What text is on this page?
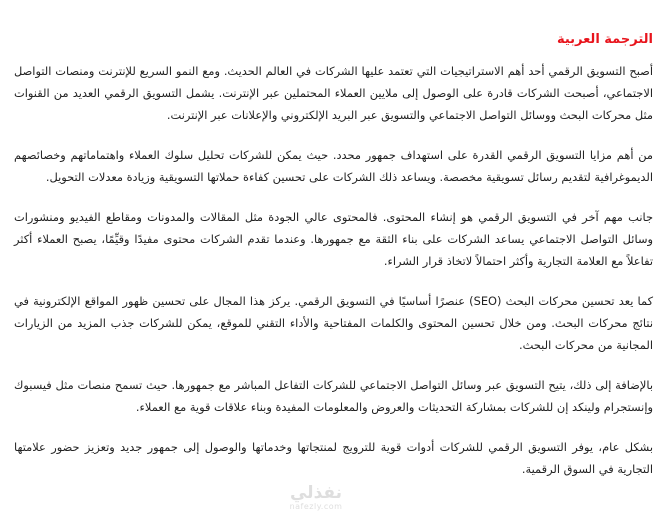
الترجمة العربية

أصبح التسويق الرقمي أحد أهم الاستراتيجيات التي تعتمد عليها الشركات في العالم الحديث. ومع النمو السريع للإنترنت ومنصات التواصل الاجتماعي، أصبحت الشركات قادرة على الوصول إلى ملايين العملاء المحتملين عبر الإنترنت. يشمل التسويق الرقمي العديد من القنوات مثل محركات البحث ووسائل التواصل الاجتماعي والتسويق عبر البريد الإلكتروني والإعلانات عبر الإنترنت.

من أهم مزايا التسويق الرقمي القدرة على استهداف جمهور محدد. حيث يمكن للشركات تحليل سلوك العملاء واهتماماتهم وخصائصهم الديموغرافية لتقديم رسائل تسويقية مخصصة. ويساعد ذلك الشركات على تحسين كفاءة حملاتها التسويقية وزيادة معدلات التحويل.

جانب مهم آخر في التسويق الرقمي هو إنشاء المحتوى. فالمحتوى عالي الجودة مثل المقالات والمدونات ومقاطع الفيديو ومنشورات وسائل التواصل الاجتماعي يساعد الشركات على بناء الثقة مع جمهورها. وعندما تقدم الشركات محتوى مفيدًا وقيِّمًا، يصبح العملاء أكثر تفاعلاً مع العلامة التجارية وأكثر احتمالاً لاتخاذ قرار الشراء.

كما يعد تحسين محركات البحث (SEO) عنصرًا أساسيًا في التسويق الرقمي. يركز هذا المجال على تحسين ظهور المواقع الإلكترونية في نتائج محركات البحث. ومن خلال تحسين المحتوى والكلمات المفتاحية والأداء التقني للموقع، يمكن للشركات جذب المزيد من الزيارات المجانية من محركات البحث.

بالإضافة إلى ذلك، يتيح التسويق عبر وسائل التواصل الاجتماعي للشركات التفاعل المباشر مع جمهورها. حيث تسمح منصات مثل فيسبوك وإنستجرام ولينكد إن للشركات بمشاركة التحديثات والعروض والمعلومات المفيدة وبناء علاقات قوية مع العملاء.

بشكل عام، يوفر التسويق الرقمي للشركات أدوات قوية للترويج لمنتجاتها وخدماتها والوصول إلى جمهور جديد وتعزيز حضور علامتها التجارية في السوق الرقمية.

نفذلي
nafezly.com
